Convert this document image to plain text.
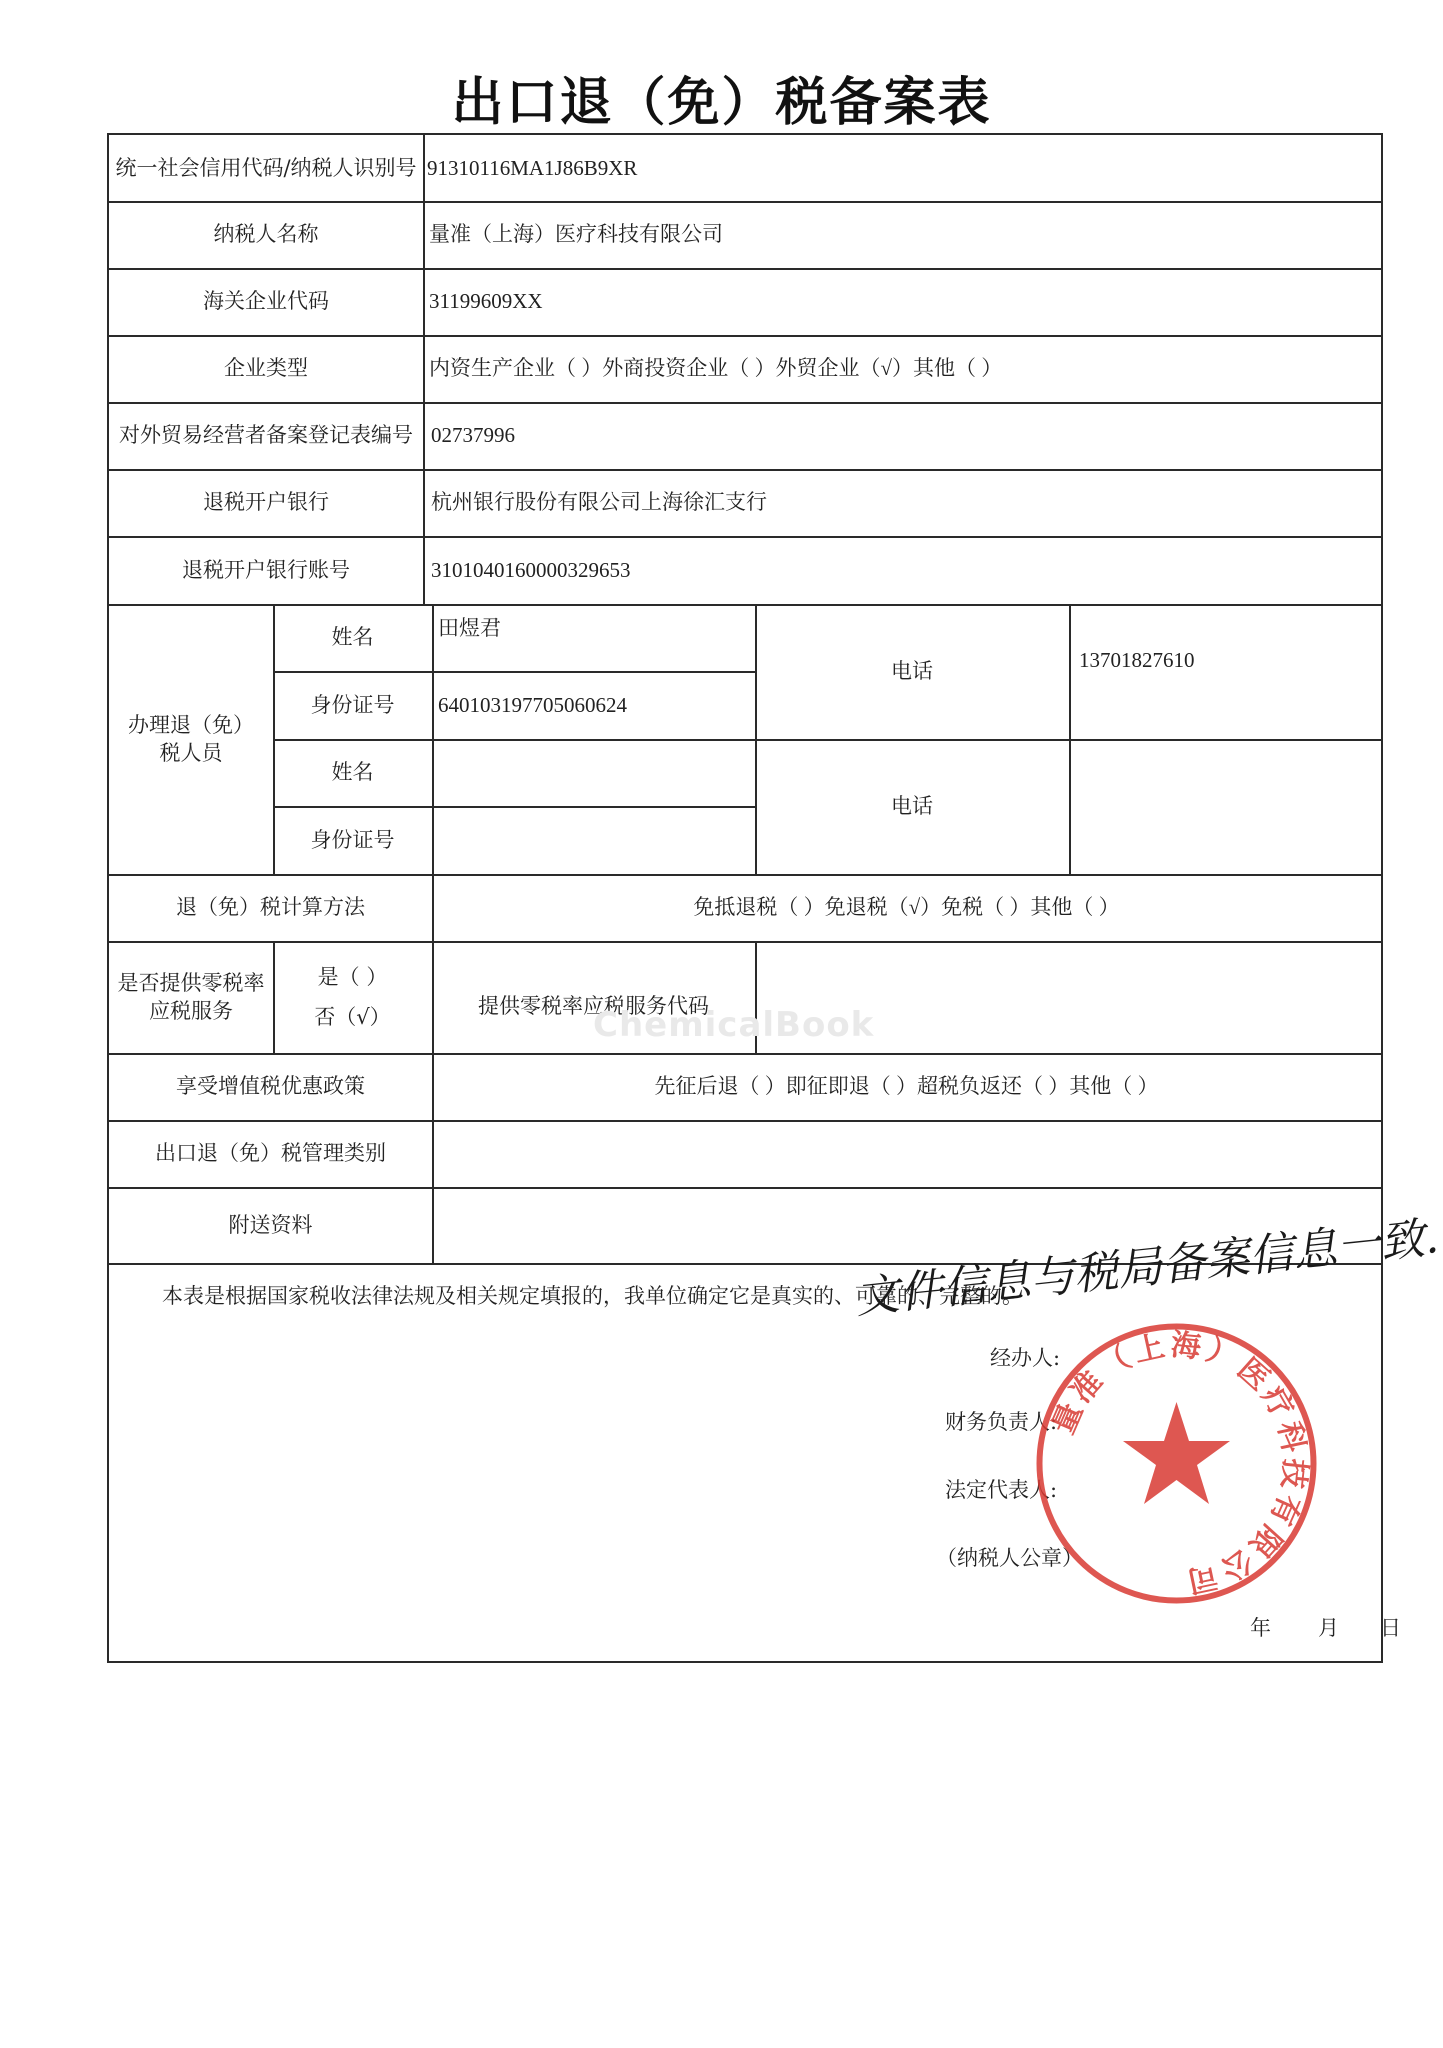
出口退（免）税备案表
统一社会信用代码/纳税人识别号 91310116MA1J86B9XR
纳税人名称	量准（上海）医疗科技有限公司
海关企业代码	31199609XX
企业类型	内资生产企业（ ）外商投资企业（ ）外贸企业（√）其他（ ）
对外贸易经营者备案登记表编号 02737996
退税开户银行	杭州银行股份有限公司上海徐汇支行
退税开户银行账号	3101040160000329653
办理退（免）税人员
姓名	田煜君
身份证号	640103197705060624
电话	13701827610
姓名
身份证号
电话
退（免）税计算方法	免抵退税（ ）免退税（√）免税（ ）其他（ ）
是否提供零税率应税服务
是（ ）
否（√）	提供零税率应税服务代码
享受增值税优惠政策	先征后退（ ）即征即退（ ）超税负返还（ ）其他（ ）
出口退（免）税管理类别
附送资料
ChemicalBook
本表是根据国家税收法律法规及相关规定填报的，我单位确定它是真实的、可靠的、完整的。
文件信息与税局备案信息一致.
经办人:
财务负责人:
法定代表人:
（纳税人公章）
年 月 日
量准（上海）医疗科技有限公司
